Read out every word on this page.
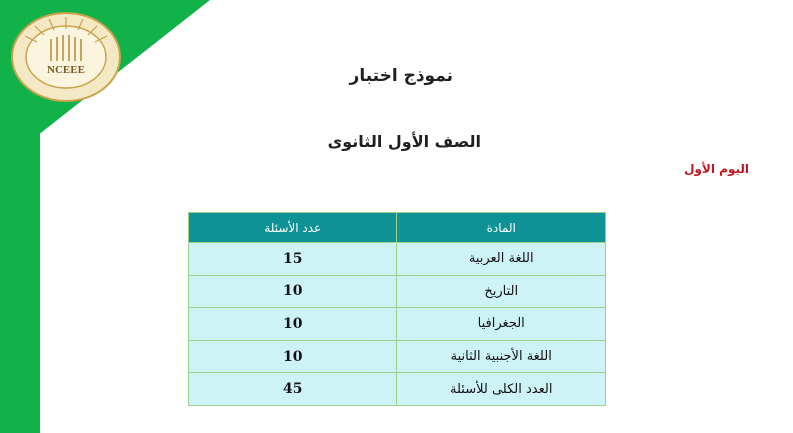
NCEEE	نموذج اختبار
الصف الأول الثانوى
اليوم الأول
المادة	عدد الأسئلة
اللغة العربية	15
التاريخ	10
الجغرافيا	10
اللغة الأجنبية الثانية	10
العدد الكلى للأسئلة	45
